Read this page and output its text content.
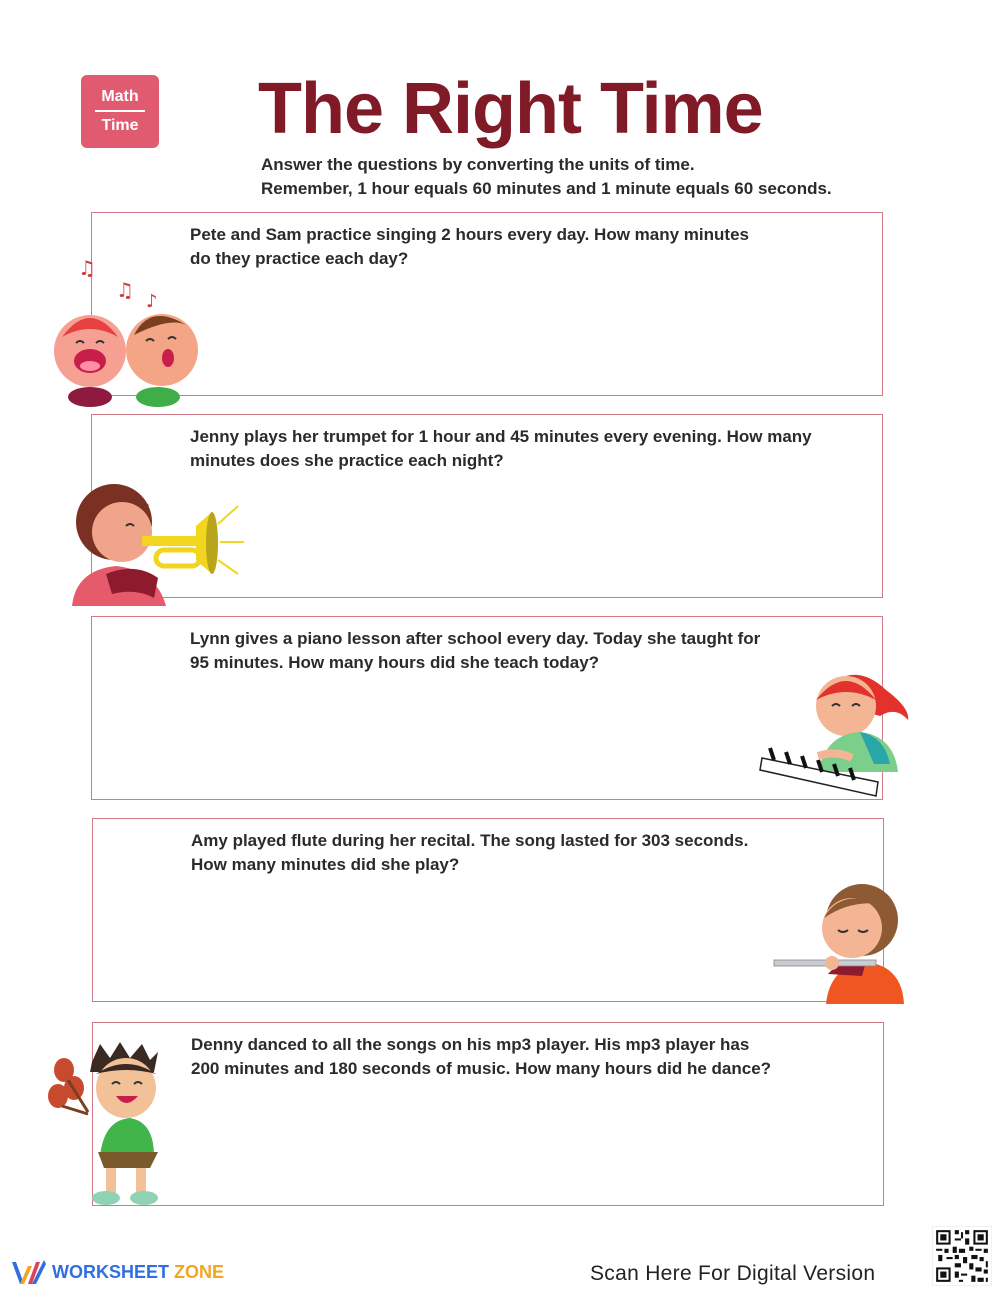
Math
Time The Right Time
Answer the questions by converting the units of time.
Remember, 1 hour equals 60 minutes and 1 minute equals 60 seconds.
Pete and Sam practice singing 2 hours every day. How many minutes
do they practice each day?
Jenny plays her trumpet for 1 hour and 45 minutes every evening. How many
minutes does she practice each night?
Lynn gives a piano lesson after school every day. Today she taught for
95 minutes. How many hours did she teach today?
Amy played flute during her recital. The song lasted for 303 seconds.
How many minutes did she play?
Denny danced to all the songs on his mp3 player. His mp3 player has
200 minutes and 180 seconds of music. How many hours did he dance?
♫
♫ ♪
WORKSHEET ZONE	Scan Here For Digital Version
